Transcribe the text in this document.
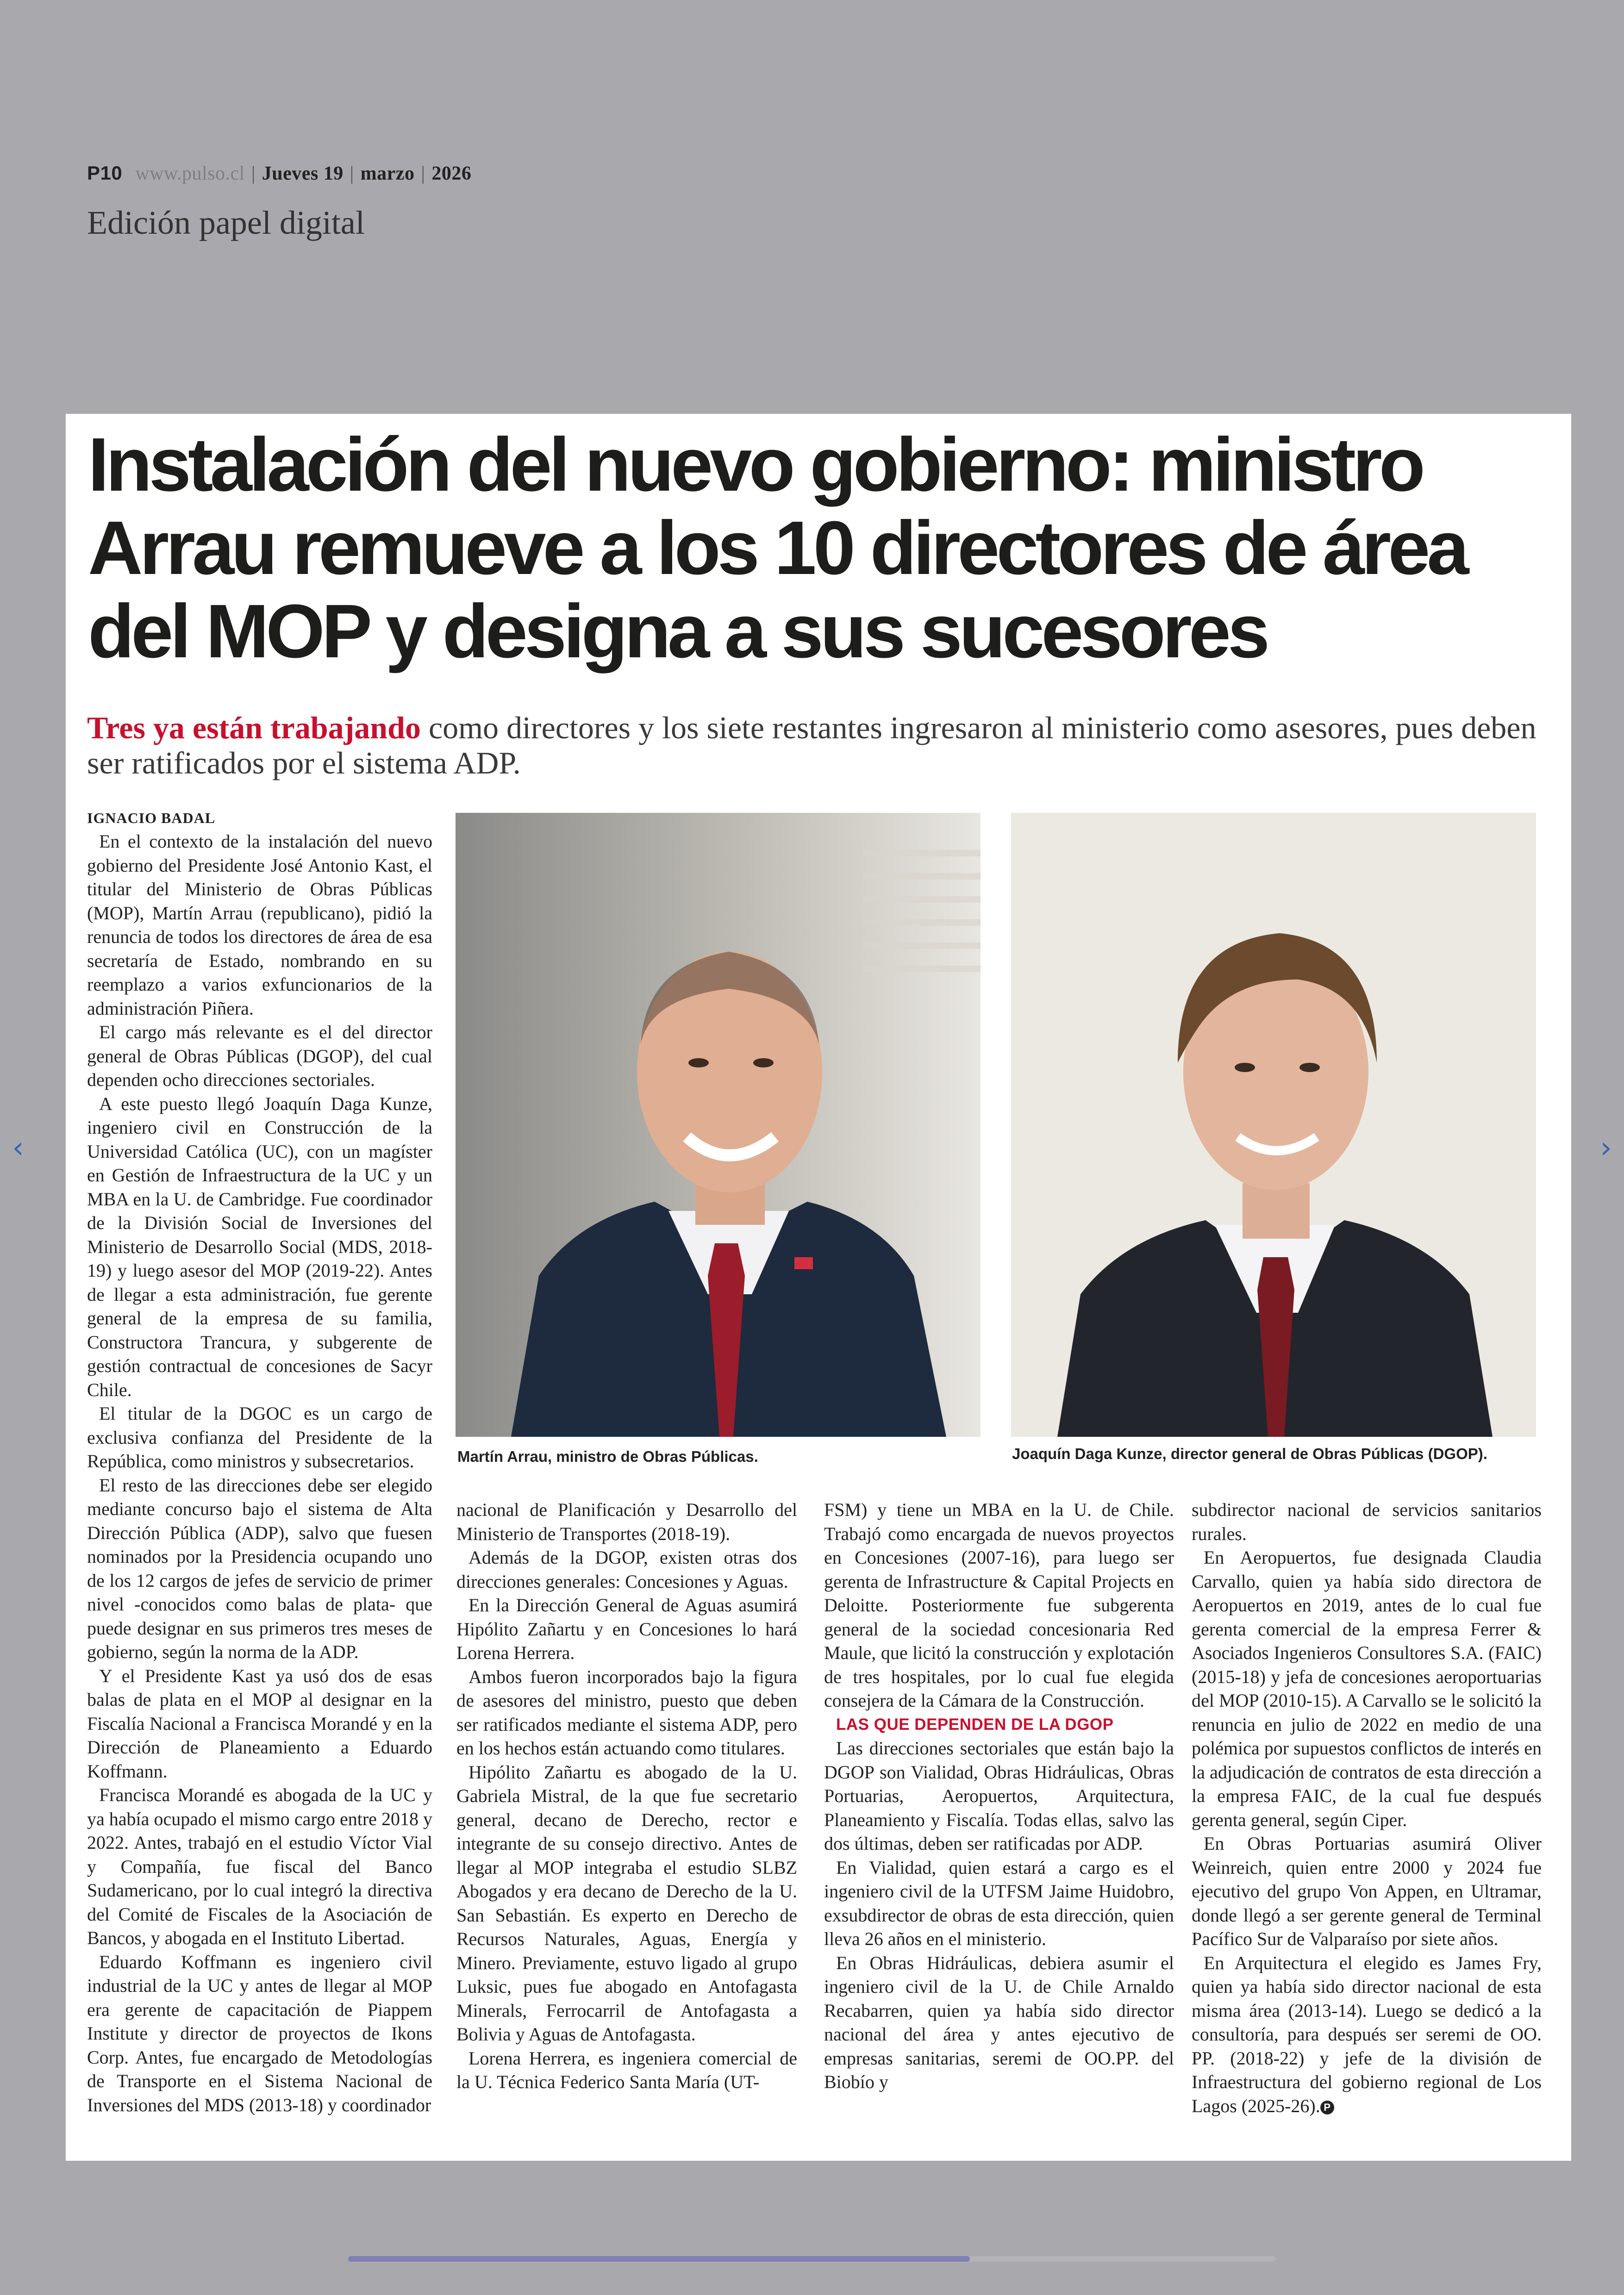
P10 www.pulso.cl | Jueves 19 | marzo | 2026
Edición papel digital
‹	›
Instalación del nuevo gobierno: ministro Arrau remueve a los 10 directores de área del MOP y designa a sus sucesores

Tres ya están trabajando como directores y los siete restantes ingresaron al ministerio como asesores, pues deben ser ratificados por el sistema ADP.

IGNACIO BADAL

En el contexto de la instalación del nuevo gobierno del Presidente José Antonio Kast, el titular del Ministerio de Obras Públicas (MOP), Martín Arrau (republicano), pidió la renuncia de todos los directores de área de esa secretaría de Estado, nombrando en su reemplazo a varios exfuncionarios de la administración Piñera.

El cargo más relevante es el del director general de Obras Públicas (DGOP), del cual dependen ocho direcciones sectoriales.

A este puesto llegó Joaquín Daga Kunze, ingeniero civil en Construcción de la Universidad Católica (UC), con un magíster en Gestión de Infraestructura de la UC y un MBA en la U. de Cambridge. Fue coordinador de la División Social de Inversiones del Ministerio de Desarrollo Social (MDS, 2018-19) y luego asesor del MOP (2019-22). Antes de llegar a esta administración, fue gerente general de la empresa de su familia, Constructora Trancura, y subgerente de gestión contractual de concesiones de Sacyr Chile.

El titular de la DGOC es un cargo de exclusiva confianza del Presidente de la República, como ministros y subsecretarios.

El resto de las direcciones debe ser elegido mediante concurso bajo el sistema de Alta Dirección Pública (ADP), salvo que fuesen nominados por la Presidencia ocupando uno de los 12 cargos de jefes de servicio de primer nivel -conocidos como balas de plata- que puede designar en sus primeros tres meses de gobierno, según la norma de la ADP.

Y el Presidente Kast ya usó dos de esas balas de plata en el MOP al designar en la Fiscalía Nacional a Francisca Morandé y en la Dirección de Planeamiento a Eduardo Koffmann.

Francisca Morandé es abogada de la UC y ya había ocupado el mismo cargo entre 2018 y 2022. Antes, trabajó en el estudio Víctor Vial y Compañía, fue fiscal del Banco Sudamericano, por lo cual integró la directiva del Comité de Fiscales de la Asociación de Bancos, y abogada en el Instituto Libertad.

Eduardo Koffmann es ingeniero civil industrial de la UC y antes de llegar al MOP era gerente de capacitación de Piappem Institute y director de proyectos de Ikons Corp. Antes, fue encargado de Metodologías de Transporte en el Sistema Nacional de Inversiones del MDS (2013-18) y coordinador

Martín Arrau, ministro de Obras Públicas.	Joaquín Daga Kunze, director general de Obras Públicas (DGOP).

nacional de Planificación y Desarrollo del Ministerio de Transportes (2018-19).

Además de la DGOP, existen otras dos direcciones generales: Concesiones y Aguas.

En la Dirección General de Aguas asumirá Hipólito Zañartu y en Concesiones lo hará Lorena Herrera.

Ambos fueron incorporados bajo la figura de asesores del ministro, puesto que deben ser ratificados mediante el sistema ADP, pero en los hechos están actuando como titulares.

Hipólito Zañartu es abogado de la U. Gabriela Mistral, de la que fue secretario general, decano de Derecho, rector e integrante de su consejo directivo. Antes de llegar al MOP integraba el estudio SLBZ Abogados y era decano de Derecho de la U. San Sebastián. Es experto en Derecho de Recursos Naturales, Aguas, Energía y Minero. Previamente, estuvo ligado al grupo Luksic, pues fue abogado en Antofagasta Minerals, Ferrocarril de Antofagasta a Bolivia y Aguas de Antofagasta.

Lorena Herrera, es ingeniera comercial de la U. Técnica Federico Santa María (UT-

FSM) y tiene un MBA en la U. de Chile. Trabajó como encargada de nuevos proyectos en Concesiones (2007-16), para luego ser gerenta de Infrastructure & Capital Projects en Deloitte. Posteriormente fue subgerenta general de la sociedad concesionaria Red Maule, que licitó la construcción y explotación de tres hospitales, por lo cual fue elegida consejera de la Cámara de la Construcción.

LAS QUE DEPENDEN DE LA DGOP

Las direcciones sectoriales que están bajo la DGOP son Vialidad, Obras Hidráulicas, Obras Portuarias, Aeropuertos, Arquitectura, Planeamiento y Fiscalía. Todas ellas, salvo las dos últimas, deben ser ratificadas por ADP.

En Vialidad, quien estará a cargo es el ingeniero civil de la UTFSM Jaime Huidobro, exsubdirector de obras de esta dirección, quien lleva 26 años en el ministerio.

En Obras Hidráulicas, debiera asumir el ingeniero civil de la U. de Chile Arnaldo Recabarren, quien ya había sido director nacional del área y antes ejecutivo de empresas sanitarias, seremi de OO.PP. del Biobío y

subdirector nacional de servicios sanitarios rurales.

En Aeropuertos, fue designada Claudia Carvallo, quien ya había sido directora de Aeropuertos en 2019, antes de lo cual fue gerenta comercial de la empresa Ferrer & Asociados Ingenieros Consultores S.A. (FAIC) (2015-18) y jefa de concesiones aeroportuarias del MOP (2010-15). A Carvallo se le solicitó la renuncia en julio de 2022 en medio de una polémica por supuestos conflictos de interés en la adjudicación de contratos de esta dirección a la empresa FAIC, de la cual fue después gerenta general, según Ciper.

En Obras Portuarias asumirá Oliver Weinreich, quien entre 2000 y 2024 fue ejecutivo del grupo Von Appen, en Ultramar, donde llegó a ser gerente general de Terminal Pacífico Sur de Valparaíso por siete años.

En Arquitectura el elegido es James Fry, quien ya había sido director nacional de esta misma área (2013-14). Luego se dedicó a la consultoría, para después ser seremi de OO. PP. (2018-22) y jefe de la división de Infraestructura del gobierno regional de Los Lagos (2025-26). P
